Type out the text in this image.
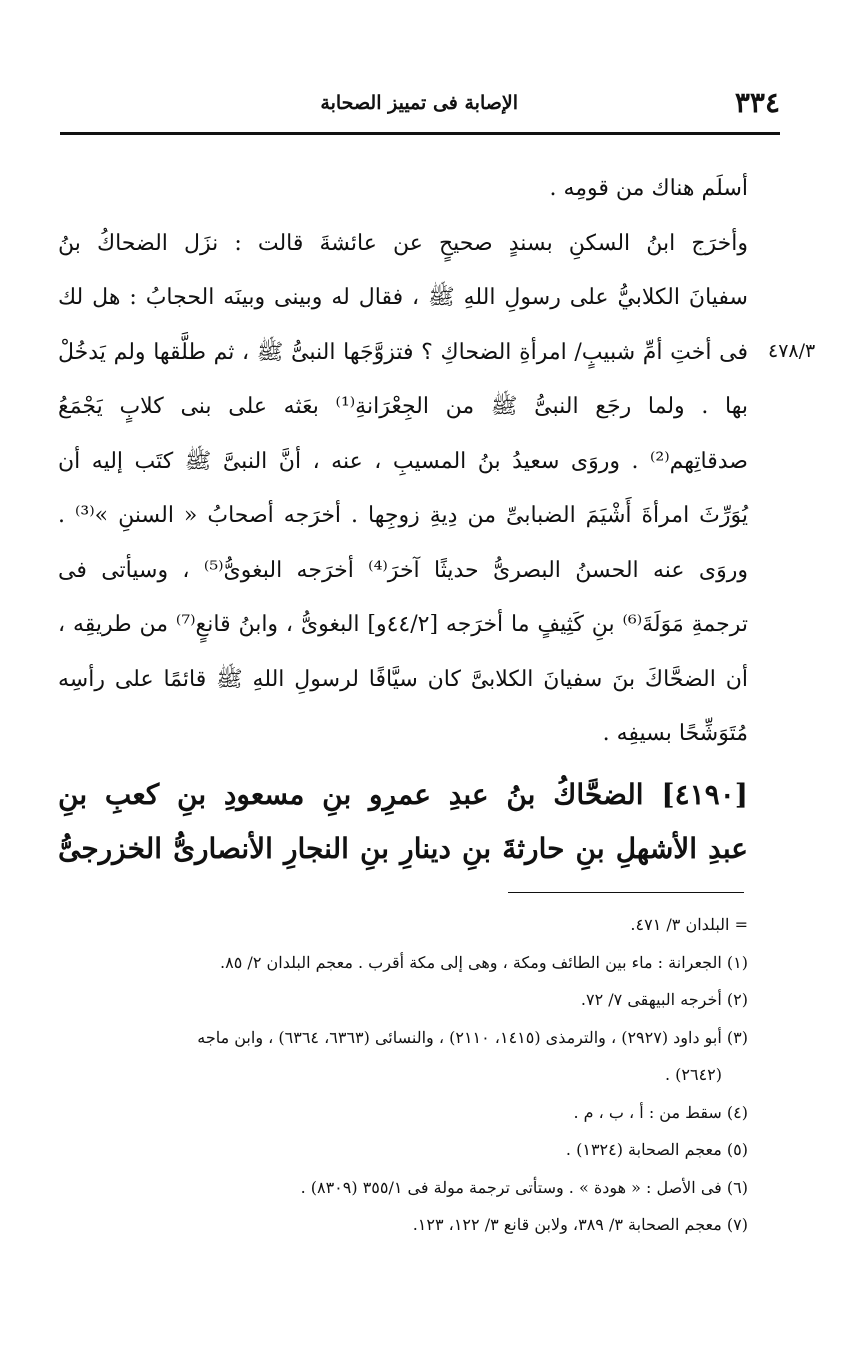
٣٣٤
الإصابة فى تمييز الصحابة
٤٧٨/٣
أسلَم هناك من قومِه .
وأخرَج ابنُ السكنِ بسندٍ صحيحٍ عن عائشةَ قالت : نزَل الضحاكُ بنُ
سفيانَ الكلابيُّ على رسولِ اللهِ ﷺ ، فقال له وبينى وبينَه الحجابُ : هل لك
فى أختِ أمِّ شبيبٍ/ امرأةِ الضحاكِ ؟ فتزوَّجَها النبىُّ ﷺ ، ثم طلَّقها ولم يَدخُلْ
بها . ولما رجَع النبىُّ ﷺ من الجِعْرَانةِ⁽¹⁾ بعَثه على بنى كلابٍ يَجْمَعُ
صدقاتِهم⁽²⁾ . وروَى سعيدُ بنُ المسيبِ ، عنه ، أنَّ النبىَّ ﷺ كتَب إليه أن
يُوَرِّثَ امرأةَ أَشْيَمَ الضبابىِّ من دِيةِ زوجِها . أخرَجه أصحابُ « السننِ »⁽³⁾ .
وروَى عنه الحسنُ البصرىُّ حديثًا آخرَ⁽⁴⁾ أخرَجه البغوىُّ⁽⁵⁾ ، وسيأتى فى
ترجمةِ مَوَلَةَ⁽⁶⁾ بنِ كَثِيفٍ ما أخرَجه [٤٤/٢و] البغوىُّ ، وابنُ قانعٍ⁽⁷⁾ من طريقِه ،
أن الضحَّاكَ بنَ سفيانَ الكلابىَّ كان سيَّافًا لرسولِ اللهِ ﷺ قائمًا على رأسِه
مُتَوَشِّحًا بسيفِه .
[٤١٩٠] الضحَّاكُ بنُ عبدِ عمرِو بنِ مسعودِ بنِ كعبِ بنِ
عبدِ الأشهلِ بنِ حارثةَ بنِ دينارِ بنِ النجارِ الأنصارىُّ الخزرجىُّ
= البلدان ٣/ ٤٧١.
(١) الجعرانة : ماء بين الطائف ومكة ، وهى إلى مكة أقرب . معجم البلدان ٢/ ٨٥.
(٢) أخرجه البيهقى ٧/ ٧٢.
(٣) أبو داود (٢٩٢٧) ، والترمذى (١٤١٥، ٢١١٠) ، والنسائى (٦٣٦٣، ٦٣٦٤) ، وابن ماجه
(٢٦٤٢) .
(٤) سقط من : أ ، ب ، م .
(٥) معجم الصحابة (١٣٢٤) .
(٦) فى الأصل : « هودة » . وستأتى ترجمة مولة فى ٣٥٥/١ (٨٣٠٩) .
(٧) معجم الصحابة ٣/ ٣٨٩، ولابن قانع ٣/ ١٢٢، ١٢٣.
